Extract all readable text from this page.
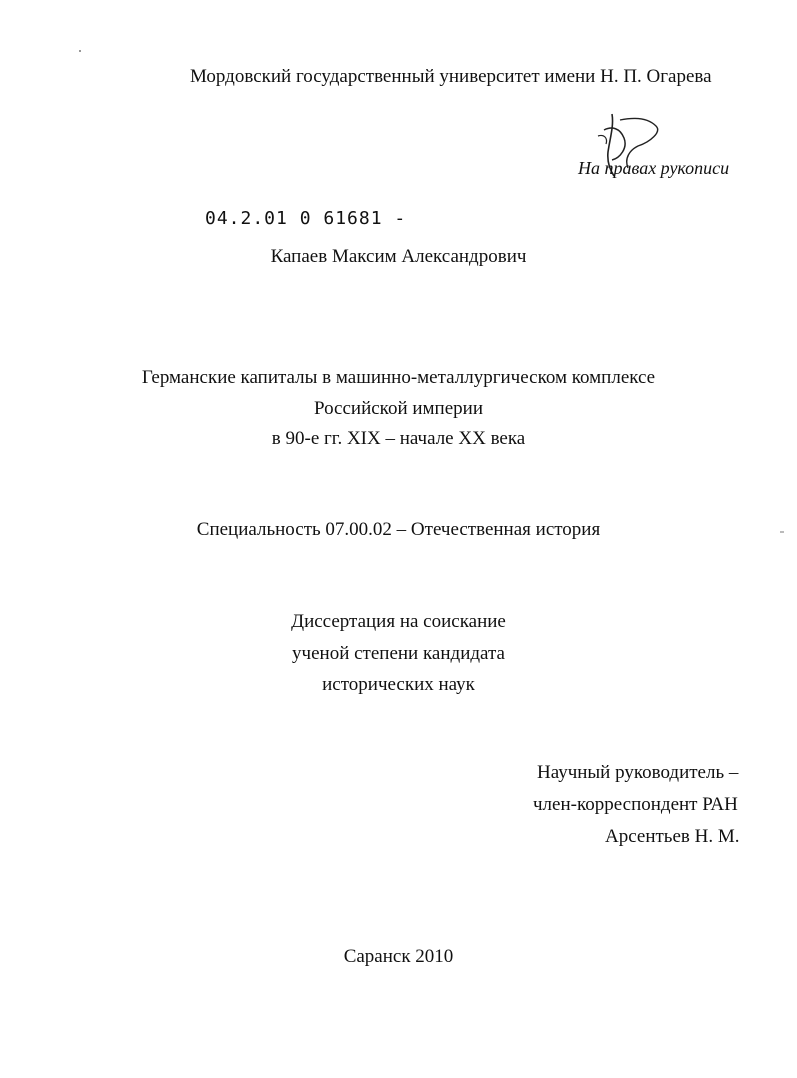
Мордовский государственный университет имени Н. П. Огарева
На правах рукописи
04.2.01 0 61681 -
Капаев Максим Александрович
Германские капиталы в машинно-металлургическом комплексе
Российской империи
в 90-е гг. XIX – начале XX века
Специальность 07.00.02 – Отечественная история
Диссертация на соискание
ученой степени кандидата
исторических наук
Научный руководитель –
член-корреспондент РАН
Арсентьев Н. М.
Саранск 2010
